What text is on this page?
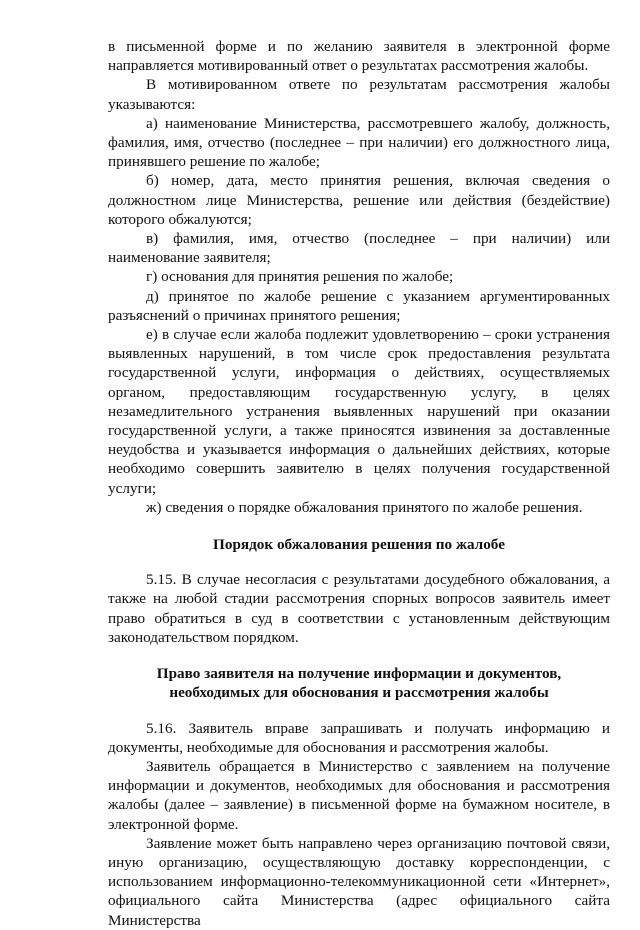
в письменной форме и по желанию заявителя в электронной форме направляется мотивированный ответ о результатах рассмотрения жалобы.

В мотивированном ответе по результатам рассмотрения жалобы указываются:

а) наименование Министерства, рассмотревшего жалобу, должность, фамилия, имя, отчество (последнее – при наличии) его должностного лица, принявшего решение по жалобе;

б) номер, дата, место принятия решения, включая сведения о должностном лице Министерства, решение или действия (бездействие) которого обжалуются;

в) фамилия, имя, отчество (последнее – при наличии) или наименование заявителя;

г) основания для принятия решения по жалобе;

д) принятое по жалобе решение с указанием аргументированных разъяснений о причинах принятого решения;

е) в случае если жалоба подлежит удовлетворению – сроки устранения выявленных нарушений, в том числе срок предоставления результата государственной услуги, информация о действиях, осуществляемых органом, предоставляющим государственную услугу, в целях незамедлительного устранения выявленных нарушений при оказании государственной услуги, а также приносятся извинения за доставленные неудобства и указывается информация о дальнейших действиях, которые необходимо совершить заявителю в целях получения государственной услуги;

ж) сведения о порядке обжалования принятого по жалобе решения.

Порядок обжалования решения по жалобе

5.15. В случае несогласия с результатами досудебного обжалования, а также на любой стадии рассмотрения спорных вопросов заявитель имеет право обратиться в суд в соответствии с установленным действующим законодательством порядком.

Право заявителя на получение информации и документов,

необходимых для обоснования и рассмотрения жалобы

5.16. Заявитель вправе запрашивать и получать информацию и документы, необходимые для обоснования и рассмотрения жалобы.

Заявитель обращается в Министерство с заявлением на получение информации и документов, необходимых для обоснования и рассмотрения жалобы (далее – заявление) в письменной форме на бумажном носителе, в электронной форме.

Заявление может быть направлено через организацию почтовой связи, иную организацию, осуществляющую доставку корреспонденции, с использованием информационно-телекоммуникационной сети «Интернет», официального сайта Министерства (адрес официального сайта Министерства
